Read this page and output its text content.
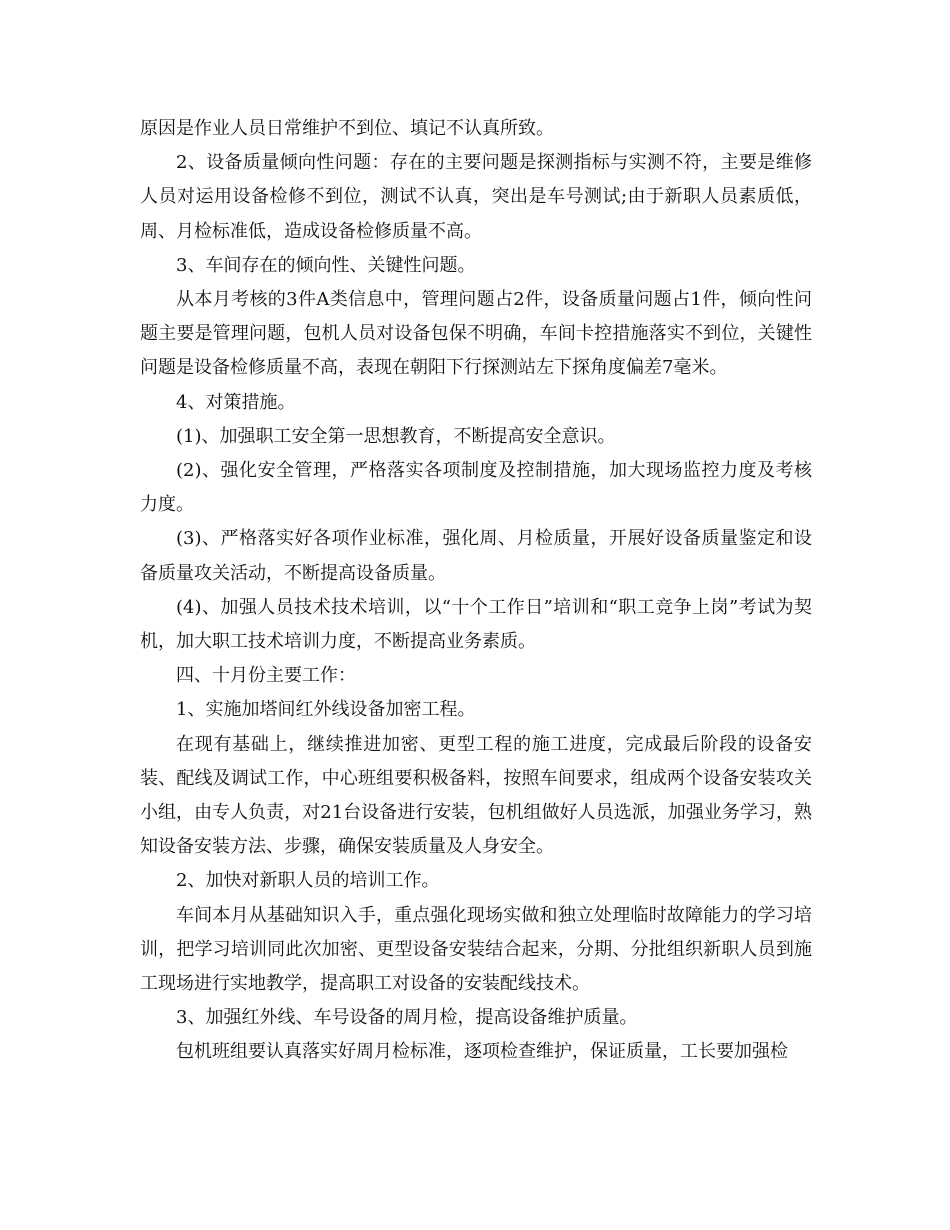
原因是作业人员日常维护不到位、填记不认真所致。

2、设备质量倾向性问题：存在的主要问题是探测指标与实测不符，主要是维修人员对运用设备检修不到位，测试不认真，突出是车号测试;由于新职人员素质低，周、月检标准低，造成设备检修质量不高。

3、车间存在的倾向性、关键性问题。

从本月考核的3件A类信息中，管理问题占2件，设备质量问题占1件，倾向性问题主要是管理问题，包机人员对设备包保不明确，车间卡控措施落实不到位，关键性问题是设备检修质量不高，表现在朝阳下行探测站左下探角度偏差7毫米。

4、对策措施。

(1)、加强职工安全第一思想教育，不断提高安全意识。

(2)、强化安全管理，严格落实各项制度及控制措施，加大现场监控力度及考核力度。

(3)、严格落实好各项作业标准，强化周、月检质量，开展好设备质量鉴定和设备质量攻关活动，不断提高设备质量。

(4)、加强人员技术技术培训，以“十个工作日”培训和“职工竞争上岗”考试为契机，加大职工技术培训力度，不断提高业务素质。

四、十月份主要工作：

1、实施加塔间红外线设备加密工程。

在现有基础上，继续推进加密、更型工程的施工进度，完成最后阶段的设备安装、配线及调试工作，中心班组要积极备料，按照车间要求，组成两个设备安装攻关小组，由专人负责，对21台设备进行安装，包机组做好人员选派，加强业务学习，熟知设备安装方法、步骤，确保安装质量及人身安全。

2、加快对新职人员的培训工作。

车间本月从基础知识入手，重点强化现场实做和独立处理临时故障能力的学习培训，把学习培训同此次加密、更型设备安装结合起来，分期、分批组织新职人员到施工现场进行实地教学，提高职工对设备的安装配线技术。

3、加强红外线、车号设备的周月检，提高设备维护质量。

包机班组要认真落实好周月检标准，逐项检查维护，保证质量，工长要加强检
